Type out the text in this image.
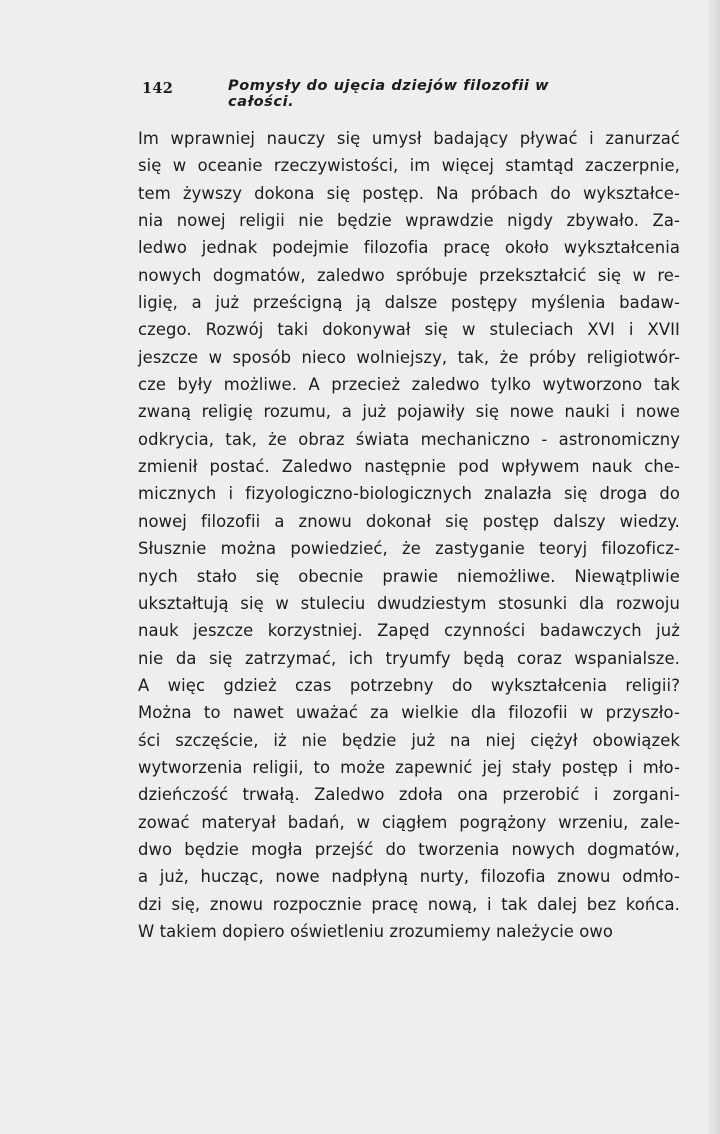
142	Pomysły do ujęcia dziejów filozofii w całości.
Im wprawniej nauczy się umysł badający pływać i zanurzać
się w oceanie rzeczywistości, im więcej stamtąd zaczerpnie,
tem żywszy dokona się postęp. Na próbach do wykształce-
nia nowej religii nie będzie wprawdzie nigdy zbywało. Za-
ledwo jednak podejmie filozofia pracę około wykształcenia
nowych dogmatów, zaledwo spróbuje przekształcić się w re-
ligię, a już prześcigną ją dalsze postępy myślenia badaw-
czego. Rozwój taki dokonywał się w stuleciach XVI i XVII
jeszcze w sposób nieco wolniejszy, tak, że próby religiotwór-
cze były możliwe. A przecież zaledwo tylko wytworzono tak
zwaną religię rozumu, a już pojawiły się nowe nauki i nowe
odkrycia, tak, że obraz świata mechaniczno - astronomiczny
zmienił postać. Zaledwo następnie pod wpływem nauk che-
micznych i fizyologiczno-biologicznych znalazła się droga do
nowej filozofii a znowu dokonał się postęp dalszy wiedzy.
Słusznie można powiedzieć, że zastyganie teoryj filozoficz-
nych stało się obecnie prawie niemożliwe. Niewątpliwie
ukształtują się w stuleciu dwudziestym stosunki dla rozwoju
nauk jeszcze korzystniej. Zapęd czynności badawczych już
nie da się zatrzymać, ich tryumfy będą coraz wspanialsze.
A więc gdzież czas potrzebny do wykształcenia religii?
Można to nawet uważać za wielkie dla filozofii w przyszło-
ści szczęście, iż nie będzie już na niej ciężył obowiązek
wytworzenia religii, to może zapewnić jej stały postęp i mło-
dzieńczość trwałą. Zaledwo zdoła ona przerobić i zorgani-
zować materyał badań, w ciągłem pogrążony wrzeniu, zale-
dwo będzie mogła przejść do tworzenia nowych dogmatów,
a już, hucząc, nowe nadpłyną nurty, filozofia znowu odmło-
dzi się, znowu rozpocznie pracę nową, i tak dalej bez końca.
W takiem dopiero oświetleniu zrozumiemy należycie owo
